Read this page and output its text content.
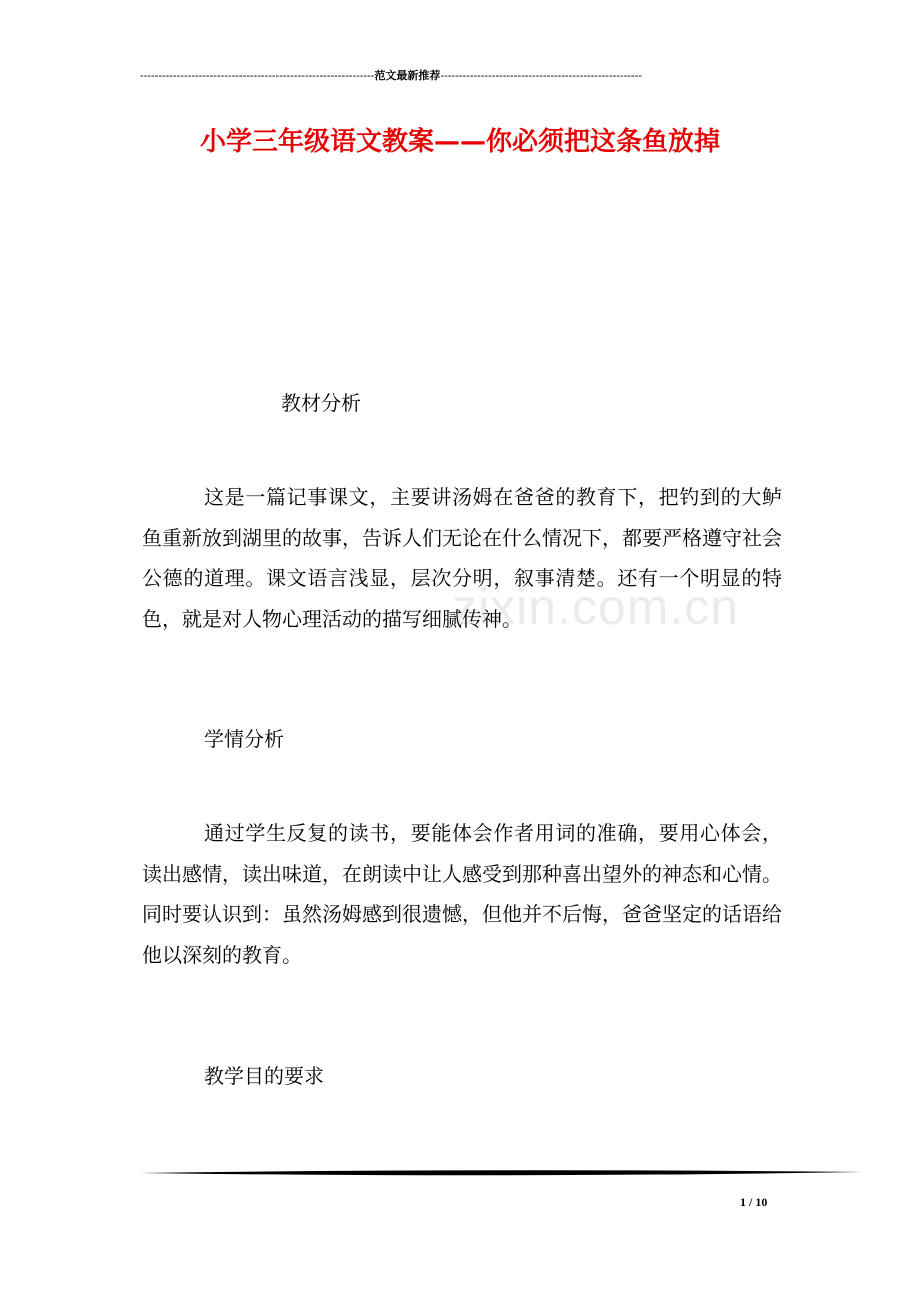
----------------------------------------------------------------范文最新推荐-------------------------------------------------------
小学三年级语文教案——你必须把这条鱼放掉
教材分析
这是一篇记事课文，主要讲汤姆在爸爸的教育下，把钓到的大鲈鱼重新放到湖里的故事，告诉人们无论在什么情况下，都要严格遵守社会公德的道理。课文语言浅显，层次分明，叙事清楚。还有一个明显的特色，就是对人物心理活动的描写细腻传神。
zixin.com.cn
学情分析
通过学生反复的读书，要能体会作者用词的准确，要用心体会，读出感情，读出味道，在朗读中让人感受到那种喜出望外的神态和心情。同时要认识到：虽然汤姆感到很遗憾，但他并不后悔，爸爸坚定的话语给他以深刻的教育。
教学目的要求
1 / 10
